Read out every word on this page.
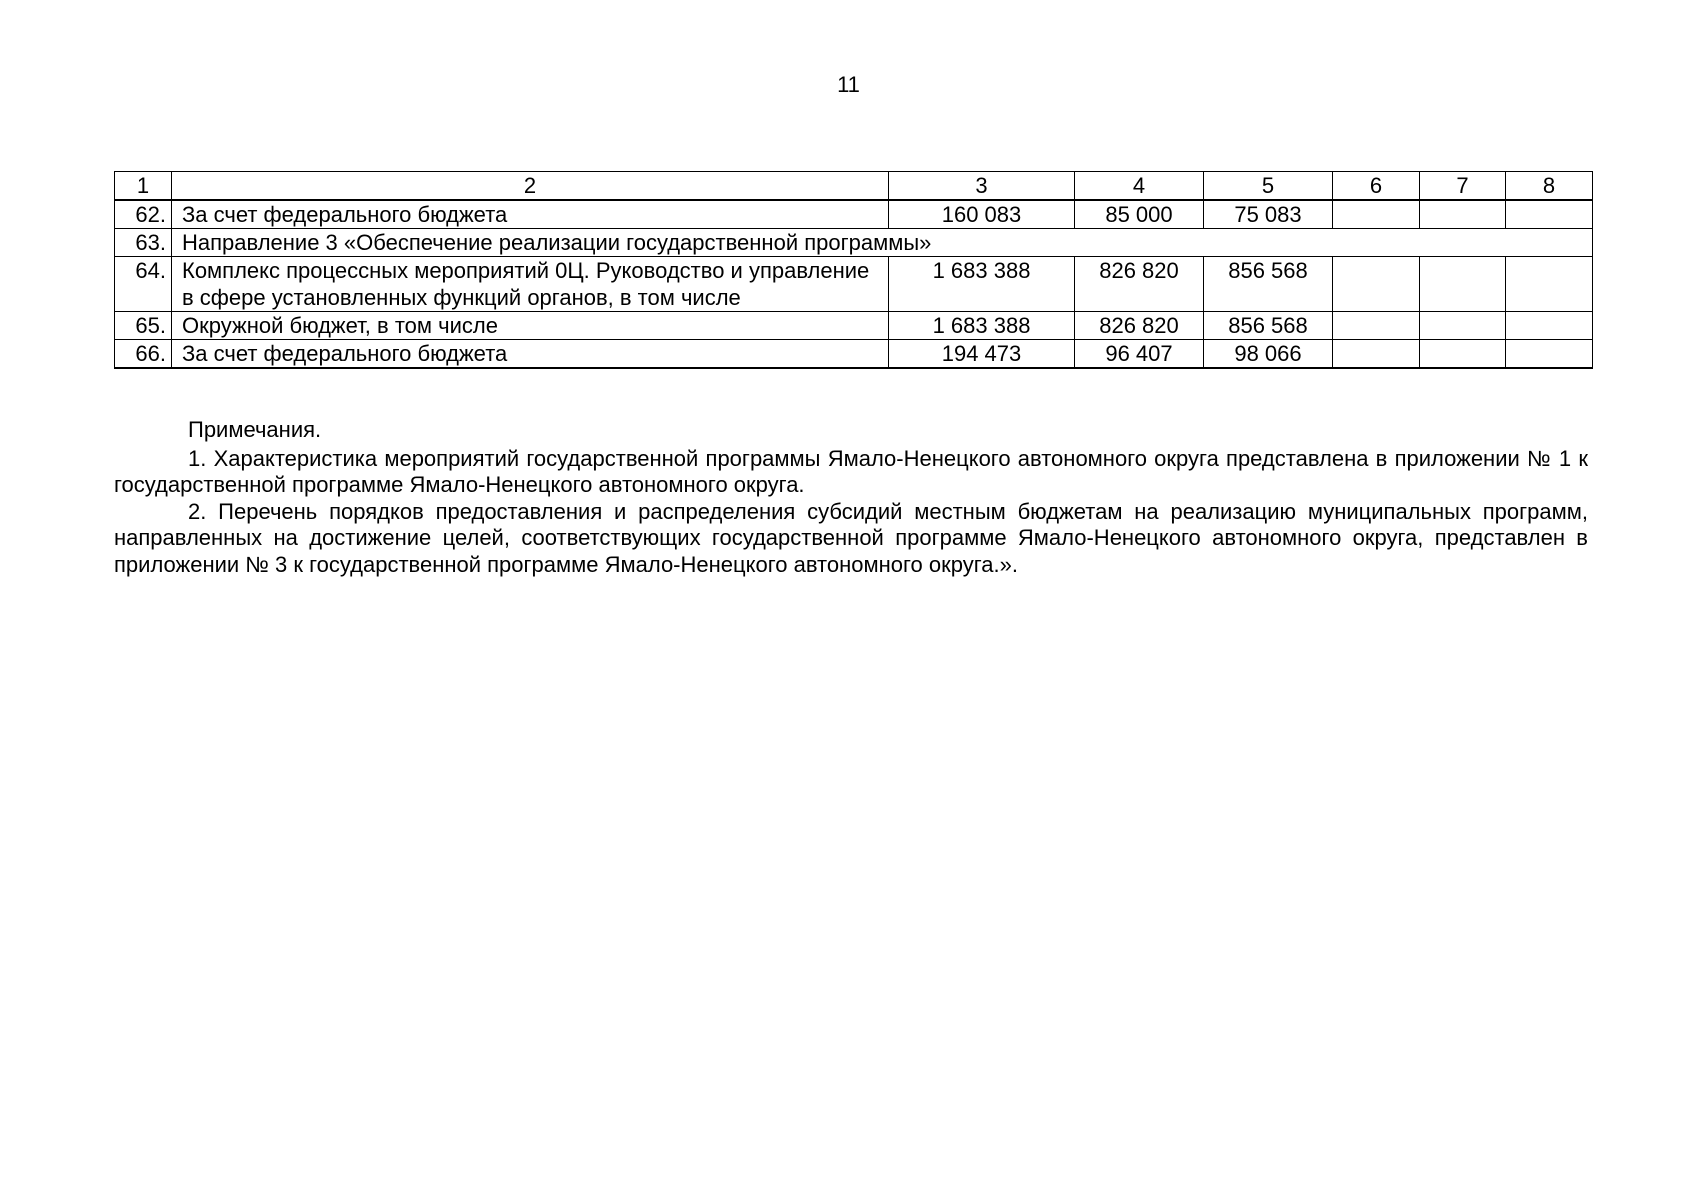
11
1	2	3	4	5	6	7	8
62.	За счет федерального бюджета	160 083	85 000	75 083			
63.	Направление 3 «Обеспечение реализации государственной программы»						
64.	Комплекс процессных мероприятий 0Ц. Руководство и управление в сфере установленных функций органов, в том числе	1 683 388	826 820	856 568			
65.	Окружной бюджет, в том числе	1 683 388	826 820	856 568			
66.	За счет федерального бюджета	194 473	96 407	98 066			

Примечания.

1. Характеристика мероприятий государственной программы Ямало-Ненецкого автономного округа представлена в приложении № 1 к государственной программе Ямало-Ненецкого автономного округа.

2. Перечень порядков предоставления и распределения субсидий местным бюджетам на реализацию муниципальных программ, направленных на достижение целей, соответствующих государственной программе Ямало-Ненецкого автономного округа, представлен в приложении № 3 к государственной программе Ямало-Ненецкого автономного округа.».
